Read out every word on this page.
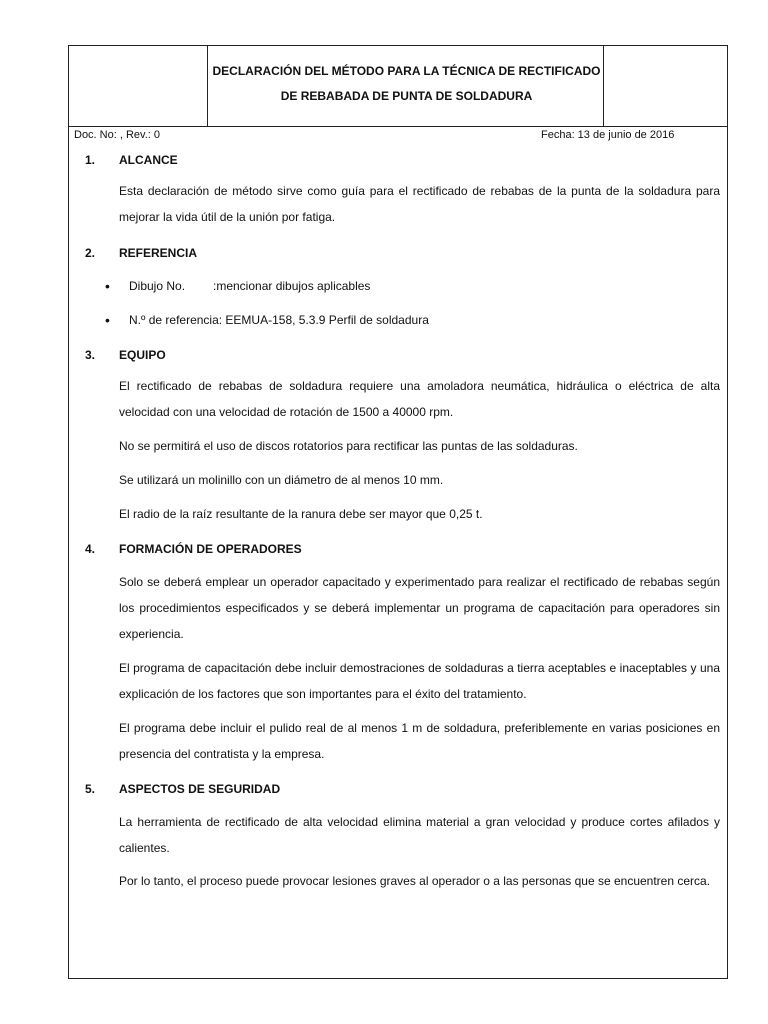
DECLARACIÓN DEL MÉTODO PARA LA TÉCNICA DE RECTIFICADO
DE REBABADA DE PUNTA DE SOLDADURA
Doc. No: , Rev.: 0	Fecha: 13 de junio de 2016
1. ALCANCE
Esta declaración de método sirve como guía para el rectificado de rebabas de la punta de la soldadura para mejorar la vida útil de la unión por fatiga.
2. REFERENCIA
• Dibujo No. :mencionar dibujos aplicables
• N.º de referencia: EEMUA-158, 5.3.9 Perfil de soldadura
3. EQUIPO
El rectificado de rebabas de soldadura requiere una amoladora neumática, hidráulica o eléctrica de alta velocidad con una velocidad de rotación de 1500 a 40000 rpm.
No se permitirá el uso de discos rotatorios para rectificar las puntas de las soldaduras.
Se utilizará un molinillo con un diámetro de al menos 10 mm.
El radio de la raíz resultante de la ranura debe ser mayor que 0,25 t.
4. FORMACIÓN DE OPERADORES
Solo se deberá emplear un operador capacitado y experimentado para realizar el rectificado de rebabas según los procedimientos especificados y se deberá implementar un programa de capacitación para operadores sin experiencia.
El programa de capacitación debe incluir demostraciones de soldaduras a tierra aceptables e inaceptables y una explicación de los factores que son importantes para el éxito del tratamiento.
El programa debe incluir el pulido real de al menos 1 m de soldadura, preferiblemente en varias posiciones en presencia del contratista y la empresa.
5. ASPECTOS DE SEGURIDAD
La herramienta de rectificado de alta velocidad elimina material a gran velocidad y produce cortes afilados y calientes.
Por lo tanto, el proceso puede provocar lesiones graves al operador o a las personas que se encuentren cerca.
